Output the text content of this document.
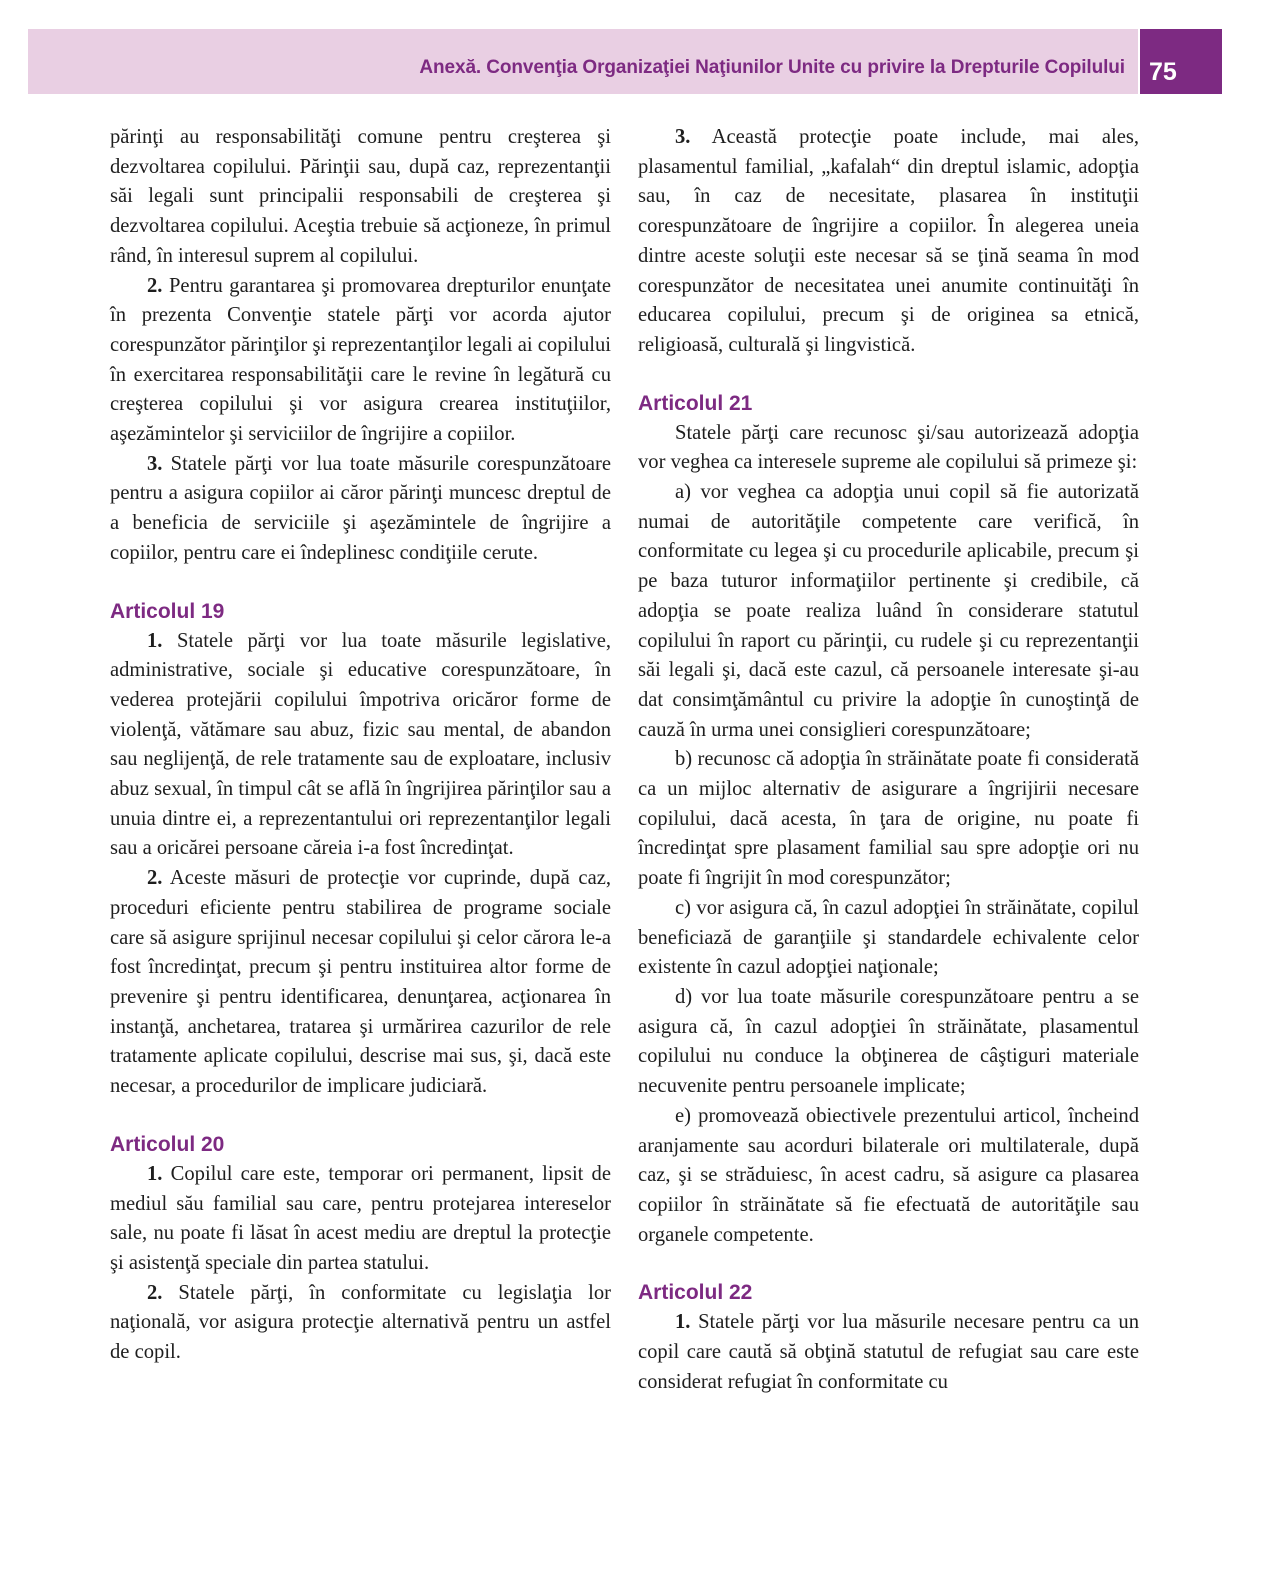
Anexă. Convenţia Organizaţiei Naţiunilor Unite cu privire la Drepturile Copilului 75

părinţi au responsabilităţi comune pentru creşterea şi dezvoltarea copilului. Părinţii sau, după caz, reprezentanţii săi legali sunt principalii responsabili de creşterea şi dezvoltarea copilului. Aceştia trebuie să acţioneze, în primul rând, în interesul suprem al copilului.

2. Pentru garantarea şi promovarea drepturilor enunţate în prezenta Convenţie statele părţi vor acorda ajutor corespunzător părinţilor şi reprezentanţilor legali ai copilului în exercitarea responsabilităţii care le revine în legătură cu creşterea copilului şi vor asigura crearea instituţiilor, aşezămintelor şi serviciilor de îngrijire a copiilor.

3. Statele părţi vor lua toate măsurile corespunzătoare pentru a asigura copiilor ai căror părinţi muncesc dreptul de a beneficia de serviciile şi aşezămintele de îngrijire a copiilor, pentru care ei îndeplinesc condiţiile cerute.

Articolul 19

1. Statele părţi vor lua toate măsurile legislative, administrative, sociale şi educative corespunzătoare, în vederea protejării copilului împotriva oricăror forme de violenţă, vătămare sau abuz, fizic sau mental, de abandon sau neglijenţă, de rele tratamente sau de exploatare, inclusiv abuz sexual, în timpul cât se află în îngrijirea părinţilor sau a unuia dintre ei, a reprezentantului ori reprezentanţilor legali sau a oricărei persoane căreia i-a fost încredinţat.

2. Aceste măsuri de protecţie vor cuprinde, după caz, proceduri eficiente pentru stabilirea de programe sociale care să asigure sprijinul necesar copilului şi celor cărora le-a fost încredinţat, precum şi pentru instituirea altor forme de prevenire şi pentru identificarea, denunţarea, acţionarea în instanţă, anchetarea, tratarea şi urmărirea cazurilor de rele tratamente aplicate copilului, descrise mai sus, şi, dacă este necesar, a procedurilor de implicare judiciară.

Articolul 20

1. Copilul care este, temporar ori permanent, lipsit de mediul său familial sau care, pentru protejarea intereselor sale, nu poate fi lăsat în acest mediu are dreptul la protecţie şi asistenţă speciale din partea statului.

2. Statele părţi, în conformitate cu legislaţia lor naţională, vor asigura protecţie alternativă pentru un astfel de copil.

3. Această protecţie poate include, mai ales, plasamentul familial, „kafalah“ din dreptul islamic, adopţia sau, în caz de necesitate, plasarea în instituţii corespunzătoare de îngrijire a copiilor. În alegerea uneia dintre aceste soluţii este necesar să se ţină seama în mod corespunzător de necesitatea unei anumite continuităţi în educarea copilului, precum şi de originea sa etnică, religioasă, culturală şi lingvistică.

Articolul 21

Statele părţi care recunosc şi/sau autorizează adopţia vor veghea ca interesele supreme ale copilului să primeze şi:

a) vor veghea ca adopţia unui copil să fie autorizată numai de autorităţile competente care verifică, în conformitate cu legea şi cu procedurile aplicabile, precum şi pe baza tuturor informaţiilor pertinente şi credibile, că adopţia se poate realiza luând în considerare statutul copilului în raport cu părinţii, cu rudele şi cu reprezentanţii săi legali şi, dacă este cazul, că persoanele interesate şi-au dat consimţământul cu privire la adopţie în cunoştinţă de cauză în urma unei consiglieri corespunzătoare;

b) recunosc că adopţia în străinătate poate fi considerată ca un mijloc alternativ de asigurare a îngrijirii necesare copilului, dacă acesta, în ţara de origine, nu poate fi încredinţat spre plasament familial sau spre adopţie ori nu poate fi îngrijit în mod corespunzător;

c) vor asigura că, în cazul adopţiei în străinătate, copilul beneficiază de garanţiile şi standardele echivalente celor existente în cazul adopţiei naţionale;

d) vor lua toate măsurile corespunzătoare pentru a se asigura că, în cazul adopţiei în străinătate, plasamentul copilului nu conduce la obţinerea de câştiguri materiale necuvenite pentru persoanele implicate;

e) promovează obiectivele prezentului articol, încheind aranjamente sau acorduri bilaterale ori multilaterale, după caz, şi se străduiesc, în acest cadru, să asigure ca plasarea copiilor în străinătate să fie efectuată de autorităţile sau organele competente.

Articolul 22

1. Statele părţi vor lua măsurile necesare pentru ca un copil care caută să obţină statutul de refugiat sau care este considerat refugiat în conformitate cu
